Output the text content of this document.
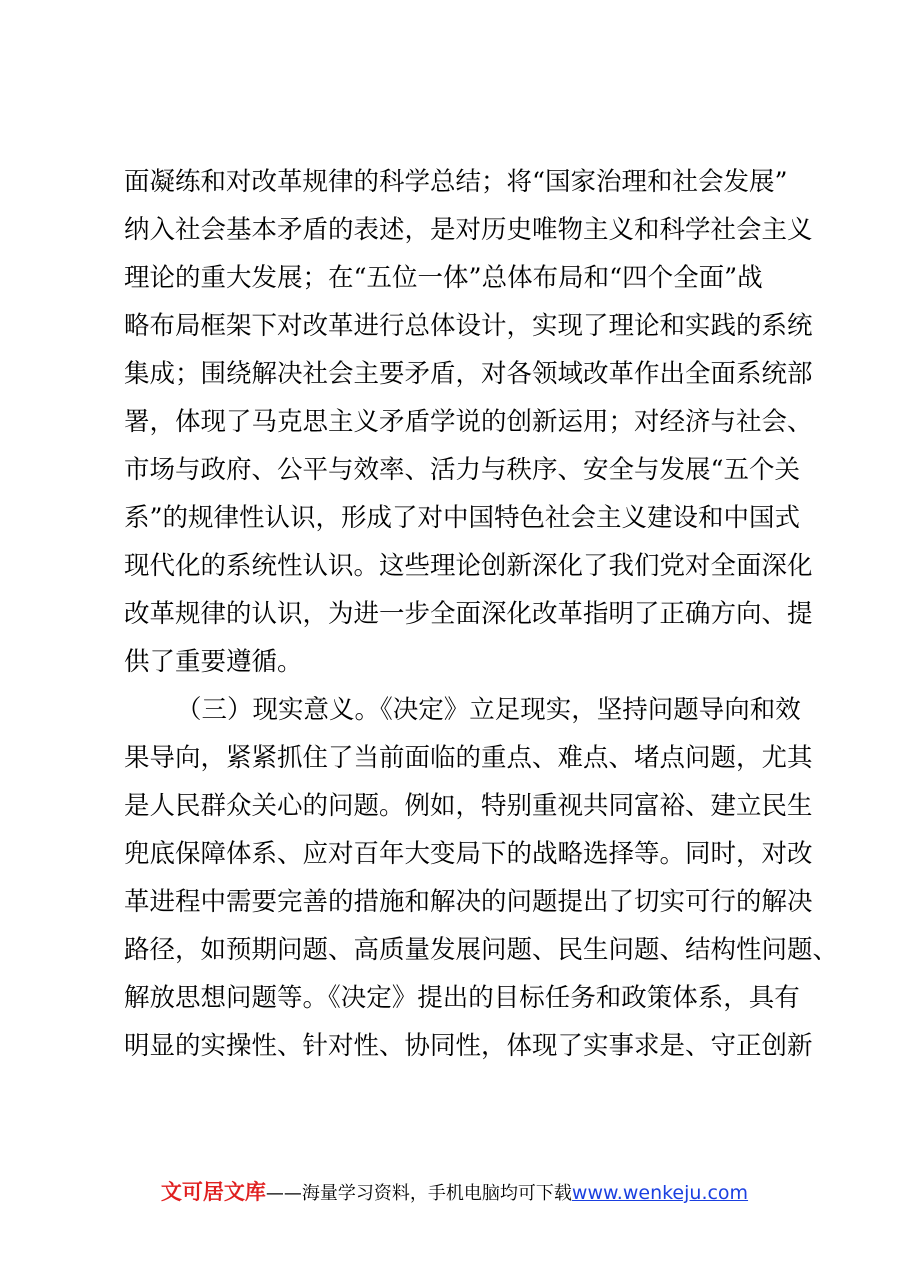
面凝练和对改革规律的科学总结；将“国家治理和社会发展”
纳入社会基本矛盾的表述，是对历史唯物主义和科学社会主义
理论的重大发展；在“五位一体”总体布局和“四个全面”战
略布局框架下对改革进行总体设计，实现了理论和实践的系统
集成；围绕解决社会主要矛盾，对各领域改革作出全面系统部
署，体现了马克思主义矛盾学说的创新运用；对经济与社会、
市场与政府、公平与效率、活力与秩序、安全与发展“五个关
系”的规律性认识，形成了对中国特色社会主义建设和中国式
现代化的系统性认识。这些理论创新深化了我们党对全面深化
改革规律的认识，为进一步全面深化改革指明了正确方向、提
供了重要遵循。
（三）现实意义。《决定》立足现实，坚持问题导向和效
果导向，紧紧抓住了当前面临的重点、难点、堵点问题，尤其
是人民群众关心的问题。例如，特别重视共同富裕、建立民生
兜底保障体系、应对百年大变局下的战略选择等。同时，对改
革进程中需要完善的措施和解决的问题提出了切实可行的解决
路径，如预期问题、高质量发展问题、民生问题、结构性问题、
解放思想问题等。《决定》提出的目标任务和政策体系，具有
明显的实操性、针对性、协同性，体现了实事求是、守正创新
文可居文库——海量学习资料，手机电脑均可下载www.wenkeju.com
